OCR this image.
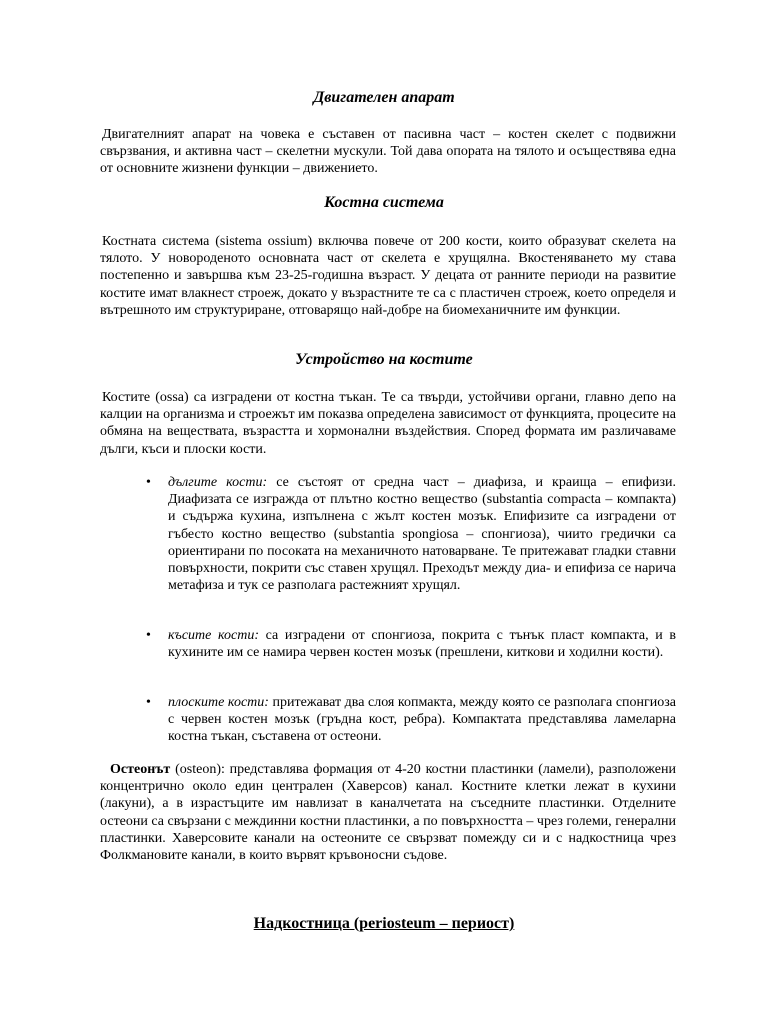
Двигателен апарат
Двигателният апарат на човека е съставен от пасивна част – костен скелет с подвижни свързвания, и активна част – скелетни мускули. Той дава опората на тялото и осъществява една от основните жизнени функции – движението.
Костна система
Костната система (sistema ossium) включва повече от 200 кости, които образуват скелета на тялото. У новороденото основната част от скелета е хрущялна. Вкостеняването му става постепенно и завършва към 23-25-годишна възраст. У децата от ранните периоди на развитие костите имат влакнест строеж, докато у възрастните те са с пластичен строеж, което определя и вътрешното им структуриране, отговарящо най-добре на биомеханичните им функции.
Устройство на костите
Костите (ossa) са изградени от костна тъкан. Те са твърди, устойчиви органи, главно депо на калции на организма и строежът им показва определена зависимост от функцията, процесите на обмяна на веществата, възрастта и хормонални въздействия. Според формата им различаваме дълги, къси и плоски кости.
• дългите кости: се състоят от средна част – диафиза, и краища – епифизи. Диафизата се изгражда от плътно костно вещество (substantia compacta – компакта) и съдържа кухина, изпълнена с жълт костен мозък. Епифизите са изградени от гъбесто костно вещество (substantia spongiosa – спонгиоза), чиито гредички са ориентирани по посоката на механичното натоварване. Те притежават гладки ставни повърхности, покрити със ставен хрущял. Преходът между диа- и епифиза се нарича метафиза и тук се разполага растежният хрущял.
• късите кости: са изградени от спонгиоза, покрита с тънък пласт компакта, и в кухините им се намира червен костен мозък (прешлени, киткови и ходилни кости).
• плоските кости: притежават два слоя копмакта, между която се разполага спонгиоза с червен костен мозък (гръдна кост, ребра). Компактата представлява ламеларна костна тъкан, съставена от остеони.
Остеонът (osteon): представлява формация от 4-20 костни пластинки (ламели), разположени концентрично около един централен (Хаверсов) канал. Костните клетки лежат в кухини (лакуни), а в израстъците им навлизат в каналчетата на съседните пластинки. Отделните остеони са свързани с междинни костни пластинки, а по повърхността – чрез големи, генерални пластинки. Хаверсовите канали на остеоните се свързват помежду си и с надкостница чрез Фолкмановите канали, в които вървят кръвоносни съдове.
Надкостница (periosteum – периост)
